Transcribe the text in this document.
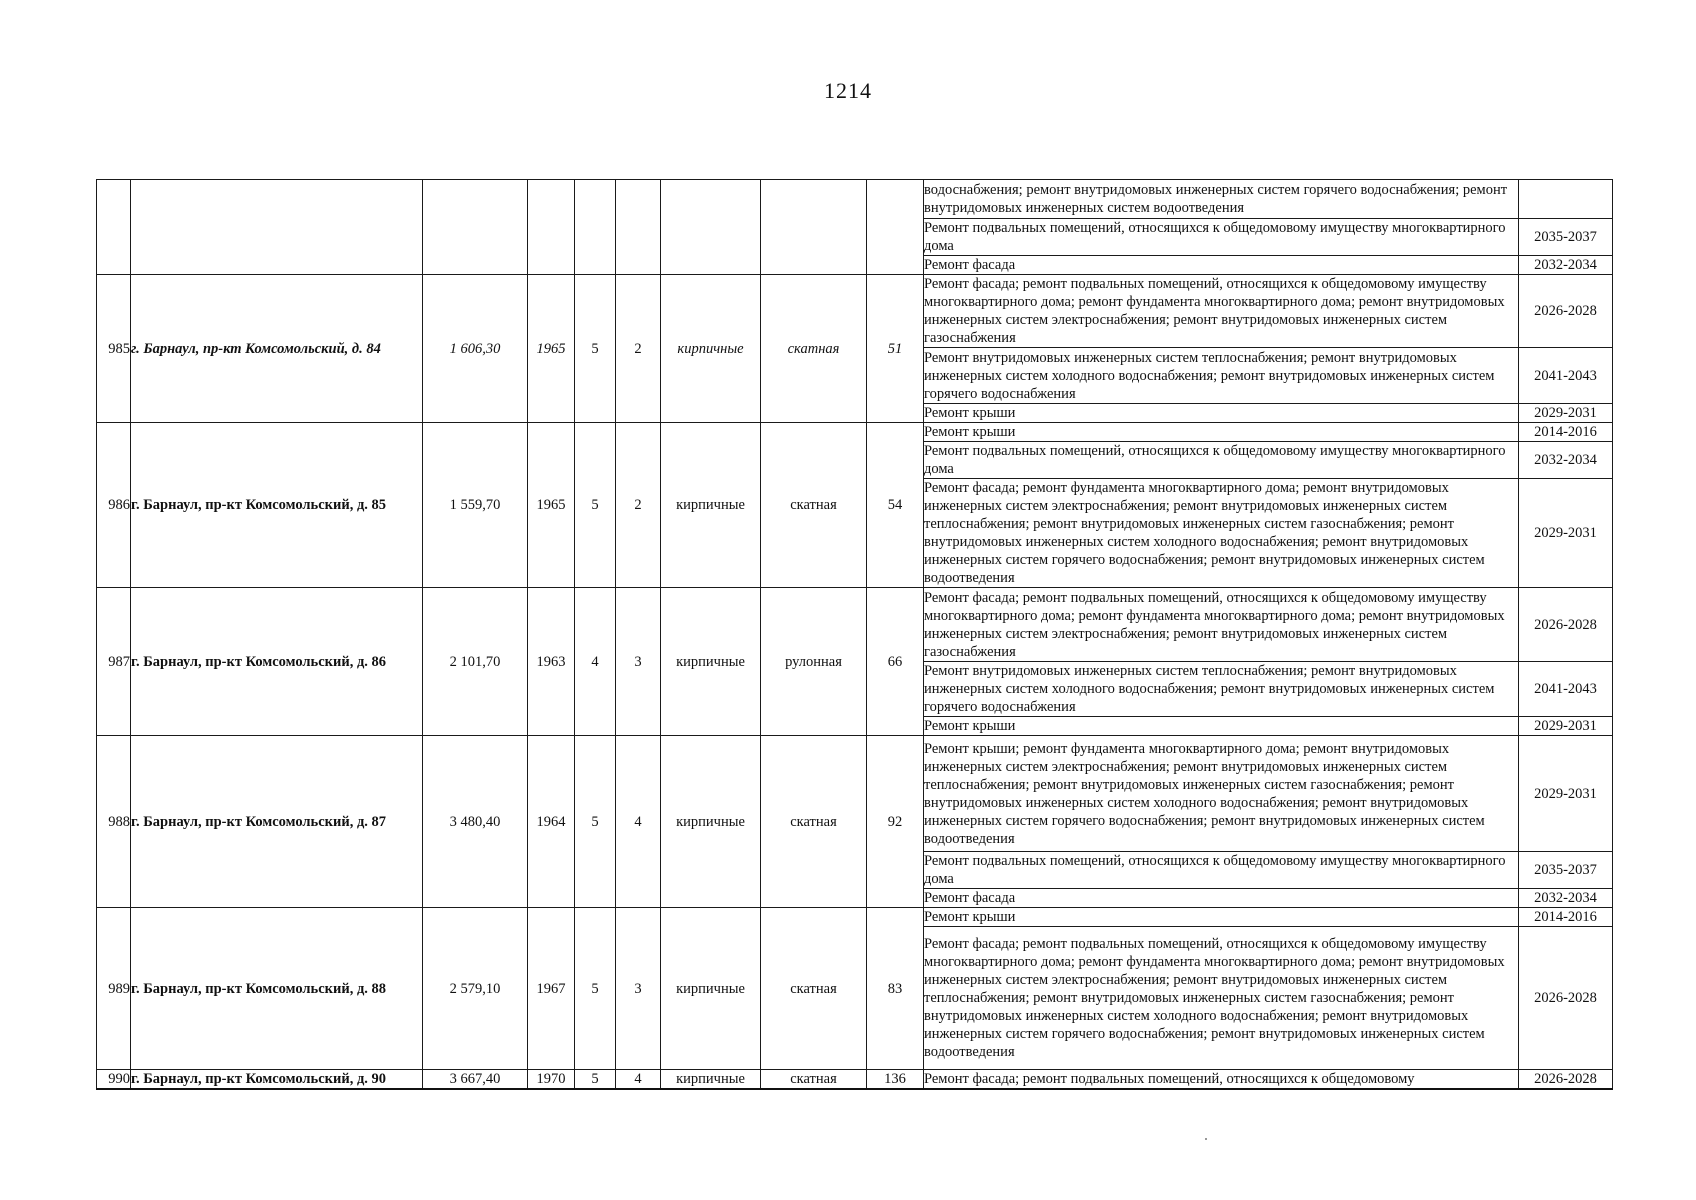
1214
									водоснабжения; ремонт внутридомовых инженерных систем горячего водоснабжения; ремонт внутридомовых инженерных систем водоотведения	
									Ремонт подвальных помещений, относящихся к общедомовому имуществу многоквартирного дома	2035-2037
									Ремонт фасада	2032-2034
985	г. Барнаул, пр-кт Комсомольский, д. 84	1 606,30	1965	5	2	кирпичные	скатная	51	Ремонт фасада; ремонт подвальных помещений, относящихся к общедомовому имуществу многоквартирного дома; ремонт фундамента многоквартирного дома; ремонт внутридомовых инженерных систем электроснабжения; ремонт внутридомовых инженерных систем газоснабжения	2026-2028
									Ремонт внутридомовых инженерных систем теплоснабжения; ремонт внутридомовых инженерных систем холодного водоснабжения; ремонт внутридомовых инженерных систем горячего водоснабжения	2041-2043
									Ремонт крыши	2029-2031
986	г. Барнаул, пр-кт Комсомольский, д. 85	1 559,70	1965	5	2	кирпичные	скатная	54	Ремонт крыши	2014-2016
									Ремонт подвальных помещений, относящихся к общедомовому имуществу многоквартирного дома	2032-2034
									Ремонт фасада; ремонт фундамента многоквартирного дома; ремонт внутридомовых инженерных систем электроснабжения; ремонт внутридомовых инженерных систем теплоснабжения; ремонт внутридомовых инженерных систем газоснабжения; ремонт внутридомовых инженерных систем холодного водоснабжения; ремонт внутридомовых инженерных систем горячего водоснабжения; ремонт внутридомовых инженерных систем водоотведения	2029-2031
987	г. Барнаул, пр-кт Комсомольский, д. 86	2 101,70	1963	4	3	кирпичные	рулонная	66	Ремонт фасада; ремонт подвальных помещений, относящихся к общедомовому имуществу многоквартирного дома; ремонт фундамента многоквартирного дома; ремонт внутридомовых инженерных систем электроснабжения; ремонт внутридомовых инженерных систем газоснабжения	2026-2028
									Ремонт внутридомовых инженерных систем теплоснабжения; ремонт внутридомовых инженерных систем холодного водоснабжения; ремонт внутридомовых инженерных систем горячего водоснабжения	2041-2043
									Ремонт крыши	2029-2031
988	г. Барнаул, пр-кт Комсомольский, д. 87	3 480,40	1964	5	4	кирпичные	скатная	92	Ремонт крыши; ремонт фундамента многоквартирного дома; ремонт внутридомовых инженерных систем электроснабжения; ремонт внутридомовых инженерных систем теплоснабжения; ремонт внутридомовых инженерных систем газоснабжения; ремонт внутридомовых инженерных систем холодного водоснабжения; ремонт внутридомовых инженерных систем горячего водоснабжения; ремонт внутридомовых инженерных систем водоотведения	2029-2031
									Ремонт подвальных помещений, относящихся к общедомовому имуществу многоквартирного дома	2035-2037
									Ремонт фасада	2032-2034
989	г. Барнаул, пр-кт Комсомольский, д. 88	2 579,10	1967	5	3	кирпичные	скатная	83	Ремонт крыши	2014-2016
									Ремонт фасада; ремонт подвальных помещений, относящихся к общедомовому имуществу многоквартирного дома; ремонт фундамента многоквартирного дома; ремонт внутридомовых инженерных систем электроснабжения; ремонт внутридомовых инженерных систем теплоснабжения; ремонт внутридомовых инженерных систем газоснабжения; ремонт внутридомовых инженерных систем холодного водоснабжения; ремонт внутридомовых инженерных систем горячего водоснабжения; ремонт внутридомовых инженерных систем водоотведения	2026-2028
990	г. Барнаул, пр-кт Комсомольский, д. 90	3 667,40	1970	5	4	кирпичные	скатная	136	Ремонт фасада; ремонт подвальных помещений, относящихся к общедомовому	2026-2028
